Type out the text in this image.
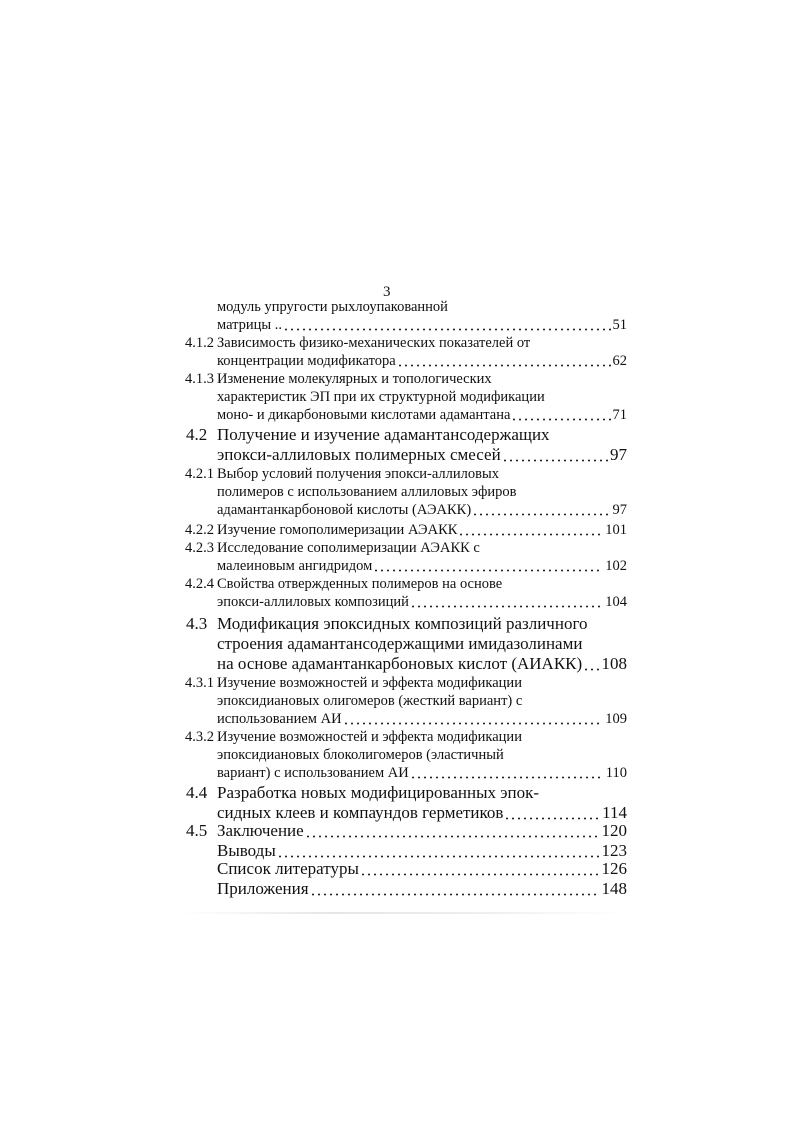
3
модуль упругости рыхлоупакованной
матрицы ..	51
4.1.2 Зависимость физико-механических показателей от
концентрации модификатора	62
4.1.3 Изменение молекулярных и топологических
характеристик ЭП при их структурной модификации
моно- и дикарбоновыми кислотами адамантана	71
4.2 Получение и изучение адамантансодержащих
эпокси-аллиловых полимерных смесей	97
4.2.1 Выбор условий получения эпокси-аллиловых
полимеров с использованием аллиловых эфиров
адамантанкарбоновой кислоты (АЭАКК)	97
4.2.2 Изучение гомополимеризации АЭАКК	101
4.2.3 Исследование сополимеризации АЭАКК с
малеиновым ангидридом	102
4.2.4 Свойства отвержденных полимеров на основе
эпокси-аллиловых композиций	104
4.3 Модификация эпоксидных композиций различного
строения адамантансодержащими имидазолинами
на основе адамантанкарбоновых кислот (АИАКК) 108
4.3.1 Изучение возможностей и эффекта модификации
эпоксидиановых олигомеров (жесткий вариант) с
использованием АИ	109
4.3.2 Изучение возможностей и эффекта модификации
эпоксидиановых блоколигомеров (эластичный
вариант) с использованием АИ	110
4.4 Разработка новых модифицированных эпок-
сидных клеев и компаундов герметиков	114
4.5 Заключение	120
Выводы	123
Список литературы	126
Приложения	148
